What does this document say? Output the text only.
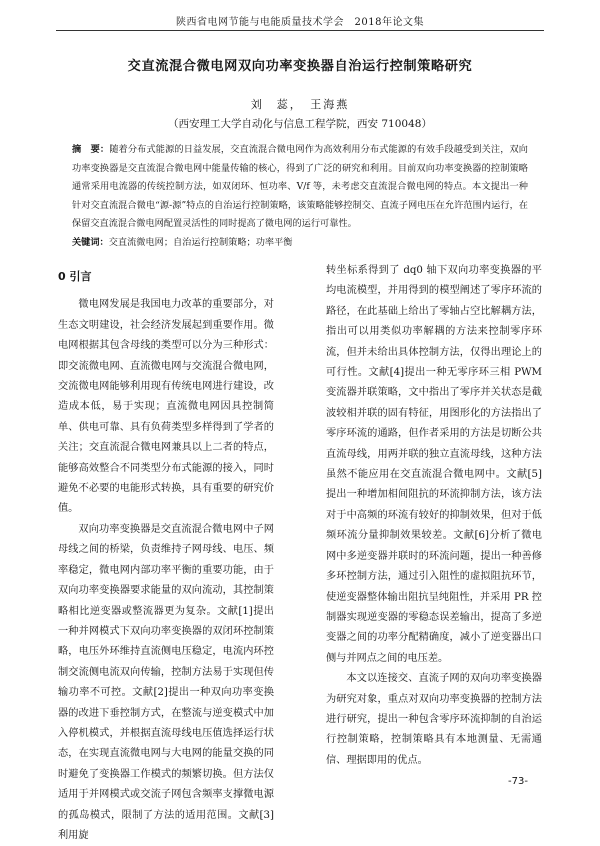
陕西省电网节能与电能质量技术学会　2018年论文集
交直流混合微电网双向功率变换器自治运行控制策略研究
刘　蕊，　王海燕
（西安理工大学自动化与信息工程学院，西安 710048）
摘　要：随着分布式能源的日益发展，交直流混合微电网作为高效利用分布式能源的有效手段越受到关注，双向功率变换器是交直流混合微电网中能量传输的核心，得到了广泛的研究和利用。目前双向功率变换器的控制策略通常采用电流器的传统控制方法，如双闭环、恒功率、V/f 等，未考虑交直流混合微电网的特点。本文提出一种针对交直流混合微电“源-源”特点的自治运行控制策略，该策略能够控制交、直流子网电压在允许范围内运行，在保留交直流混合微电网配置灵活性的同时提高了微电网的运行可靠性。
关键词：交直流微电网；自治运行控制策略；功率平衡
0 引言

微电网发展是我国电力改革的重要部分，对生态文明建设，社会经济发展起到重要作用。微电网根据其包含母线的类型可以分为三种形式：即交流微电网、直流微电网与交流混合微电网，交流微电网能够利用现有传统电网进行建设，改造成本低，易于实现；直流微电网因具控制简单、供电可靠、具有负荷类型多样得到了学者的关注；交直流混合微电网兼具以上二者的特点，能够高效整合不同类型分布式能源的接入，同时避免不必要的电能形式转换，具有重要的研究价值。

双向功率变换器是交直流混合微电网中子网母线之间的桥梁，负责维持子网母线、电压、频率稳定，微电网内部功率平衡的重要功能，由于双向功率变换器要求能量的双向流动，其控制策略相比逆变器或整流器更为复杂。文献[1]提出一种并网模式下双向功率变换器的双闭环控制策略，电压外环维持直流侧电压稳定，电流内环控制交流侧电流双向传输，控制方法易于实现但传输功率不可控。文献[2]提出一种双向功率变换器的改进下垂控制方式，在整流与逆变模式中加入停机模式，并根据直流母线电压值选择运行状态，在实现直流微电网与大电网的能量交换的同时避免了变换器工作模式的频繁切换。但方法仅适用于并网模式或交流子网包含频率支撑微电源的孤岛模式，限制了方法的适用范围。文献[3]利用旋

转坐标系得到了 dq0 轴下双向功率变换器的平均电流模型，并用得到的模型阐述了零序环流的路径，在此基础上给出了零轴占空比解耦方法，指出可以用类似功率解耦的方法来控制零序环流，但并未给出具体控制方法，仅得出理论上的可行性。文献[4]提出一种无零序环三相 PWM 变流器并联策略，文中指出了零序并关状态是截波较相并联的固有特征，用图形化的方法指出了零序环流的通路，但作者采用的方法是切断公共直流母线，用两并联的独立直流母线，这种方法虽然不能应用在交直流混合微电网中。文献[5]提出一种增加相间阻抗的环流抑制方法，该方法对于中高频的环流有较好的抑制效果，但对于低频环流分量抑制效果较差。文献[6]分析了微电网中多逆变器并联时的环流问题，提出一种善修多环控制方法，通过引入阻性的虚拟阻抗环节，使逆变器整体输出阻抗呈纯阻性，并采用 PR 控制器实现逆变器的零稳态误差输出，提高了多逆变器之间的功率分配精确度，减小了逆变器出口侧与并网点之间的电压差。

本文以连接交、直流子网的双向功率变换器为研究对象，重点对双向功率变换器的控制方法进行研究，提出一种包含零序环流抑制的自治运行控制策略，控制策略具有本地测量、无需通信、理据即用的优点。

-73-
